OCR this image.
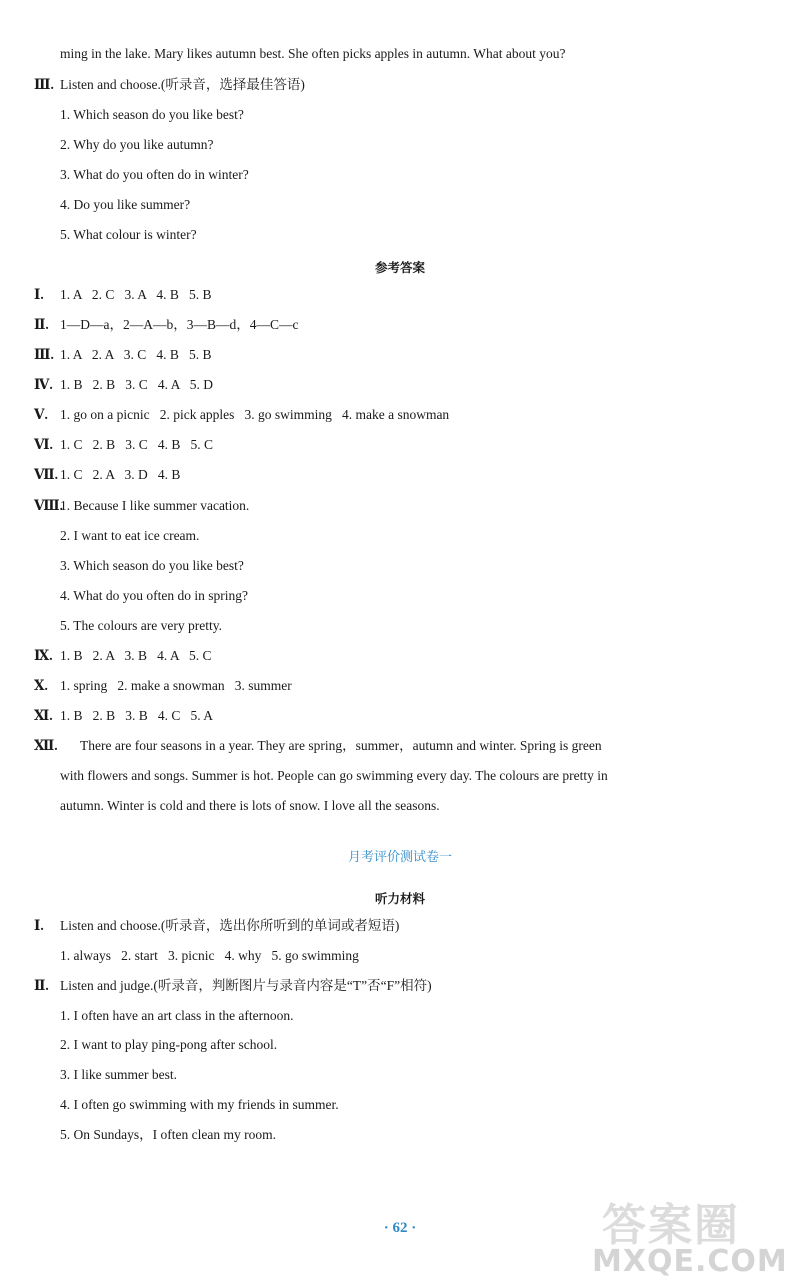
ming in the lake. Mary likes autumn best. She often picks apples in autumn. What about you?
Ⅲ. Listen and choose.(听录音，选择最佳答语)
1. Which season do you like best?
2. Why do you like autumn?
3. What do you often do in winter?
4. Do you like summer?
5. What colour is winter?
参考答案
Ⅰ. 1. A   2. C   3. A   4. B   5. B
Ⅱ. 1—D—a，2—A—b，3—B—d，4—C—c
Ⅲ. 1. A   2. A   3. C   4. B   5. B
Ⅳ. 1. B   2. B   3. C   4. A   5. D
Ⅴ. 1. go on a picnic   2. pick apples   3. go swimming   4. make a snowman
Ⅵ. 1. C   2. B   3. C   4. B   5. C
Ⅶ. 1. C   2. A   3. D   4. B
Ⅷ.
1. Because I like summer vacation.
2. I want to eat ice cream.
3. Which season do you like best?
4. What do you often do in spring?
5. The colours are very pretty.
Ⅸ. 1. B   2. A   3. B   4. A   5. C
Ⅹ. 1. spring   2. make a snowman   3. summer
Ⅺ. 1. B   2. B   3. B   4. C   5. A
Ⅻ. There are four seasons in a year. They are spring，summer，autumn and winter. Spring is green
with flowers and songs. Summer is hot. People can go swimming every day. The colours are pretty in
autumn. Winter is cold and there is lots of snow. I love all the seasons.
月考评价测试卷一
听力材料
Ⅰ. Listen and choose.(听录音，选出你所听到的单词或者短语)
1. always   2. start   3. picnic   4. why   5. go swimming
Ⅱ. Listen and judge.(听录音，判断图片与录音内容是“T”否“F”相符)
1. I often have an art class in the afternoon.
2. I want to play ping-pong after school.
3. I like summer best.
4. I often go swimming with my friends in summer.
5. On Sundays，I often clean my room.
· 62 ·	答案圈
MXQE.COM
